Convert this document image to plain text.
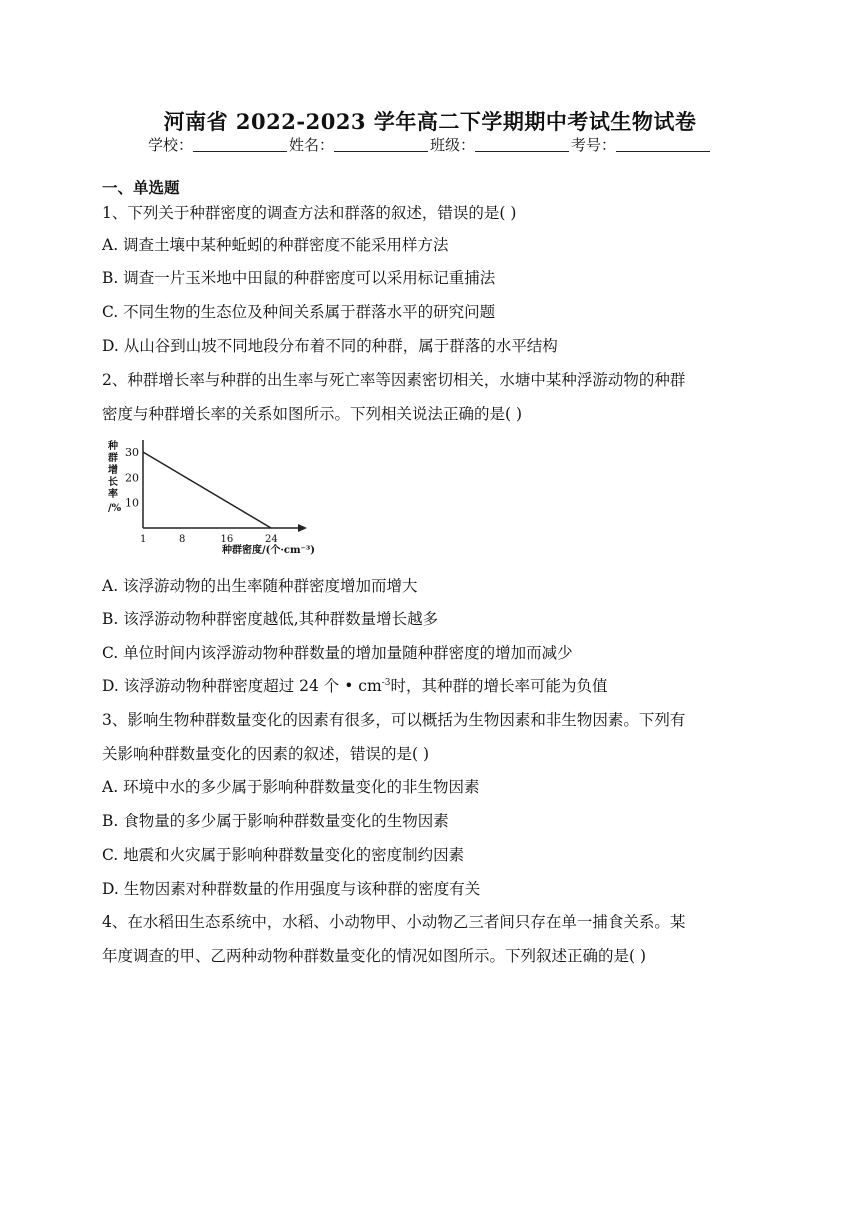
河南省 2022-2023 学年高二下学期期中考试生物试卷
学校：	姓名：	班级：	考号：
一、单选题
1、下列关于种群密度的调查方法和群落的叙述，错误的是( )
A. 调查土壤中某种蚯蚓的种群密度不能采用样方法
B. 调查一片玉米地中田鼠的种群密度可以采用标记重捕法
C. 不同生物的生态位及种间关系属于群落水平的研究问题
D. 从山谷到山坡不同地段分布着不同的种群，属于群落的水平结构
2、种群增长率与种群的出生率与死亡率等因素密切相关，水塘中某种浮游动物的种群
密度与种群增长率的关系如图所示。下列相关说法正确的是( )
种
群
增
长
率
/%
30
20
10
1	8	16	24
种群密度/(个·cm⁻³)
A. 该浮游动物的出生率随种群密度增加而增大
B. 该浮游动物种群密度越低,其种群数量增长越多
C. 单位时间内该浮游动物种群数量的增加量随种群密度的增加而减少
D. 该浮游动物种群密度超过 24 个 • $cm^{-3}$时，其种群的增长率可能为负值
3、影响生物种群数量变化的因素有很多，可以概括为生物因素和非生物因素。下列有
关影响种群数量变化的因素的叙述，错误的是( )
A. 环境中水的多少属于影响种群数量变化的非生物因素
B. 食物量的多少属于影响种群数量变化的生物因素
C. 地震和火灾属于影响种群数量变化的密度制约因素
D. 生物因素对种群数量的作用强度与该种群的密度有关
4、在水稻田生态系统中，水稻、小动物甲、小动物乙三者间只存在单一捕食关系。某
年度调查的甲、乙两种动物种群数量变化的情况如图所示。下列叙述正确的是( )
